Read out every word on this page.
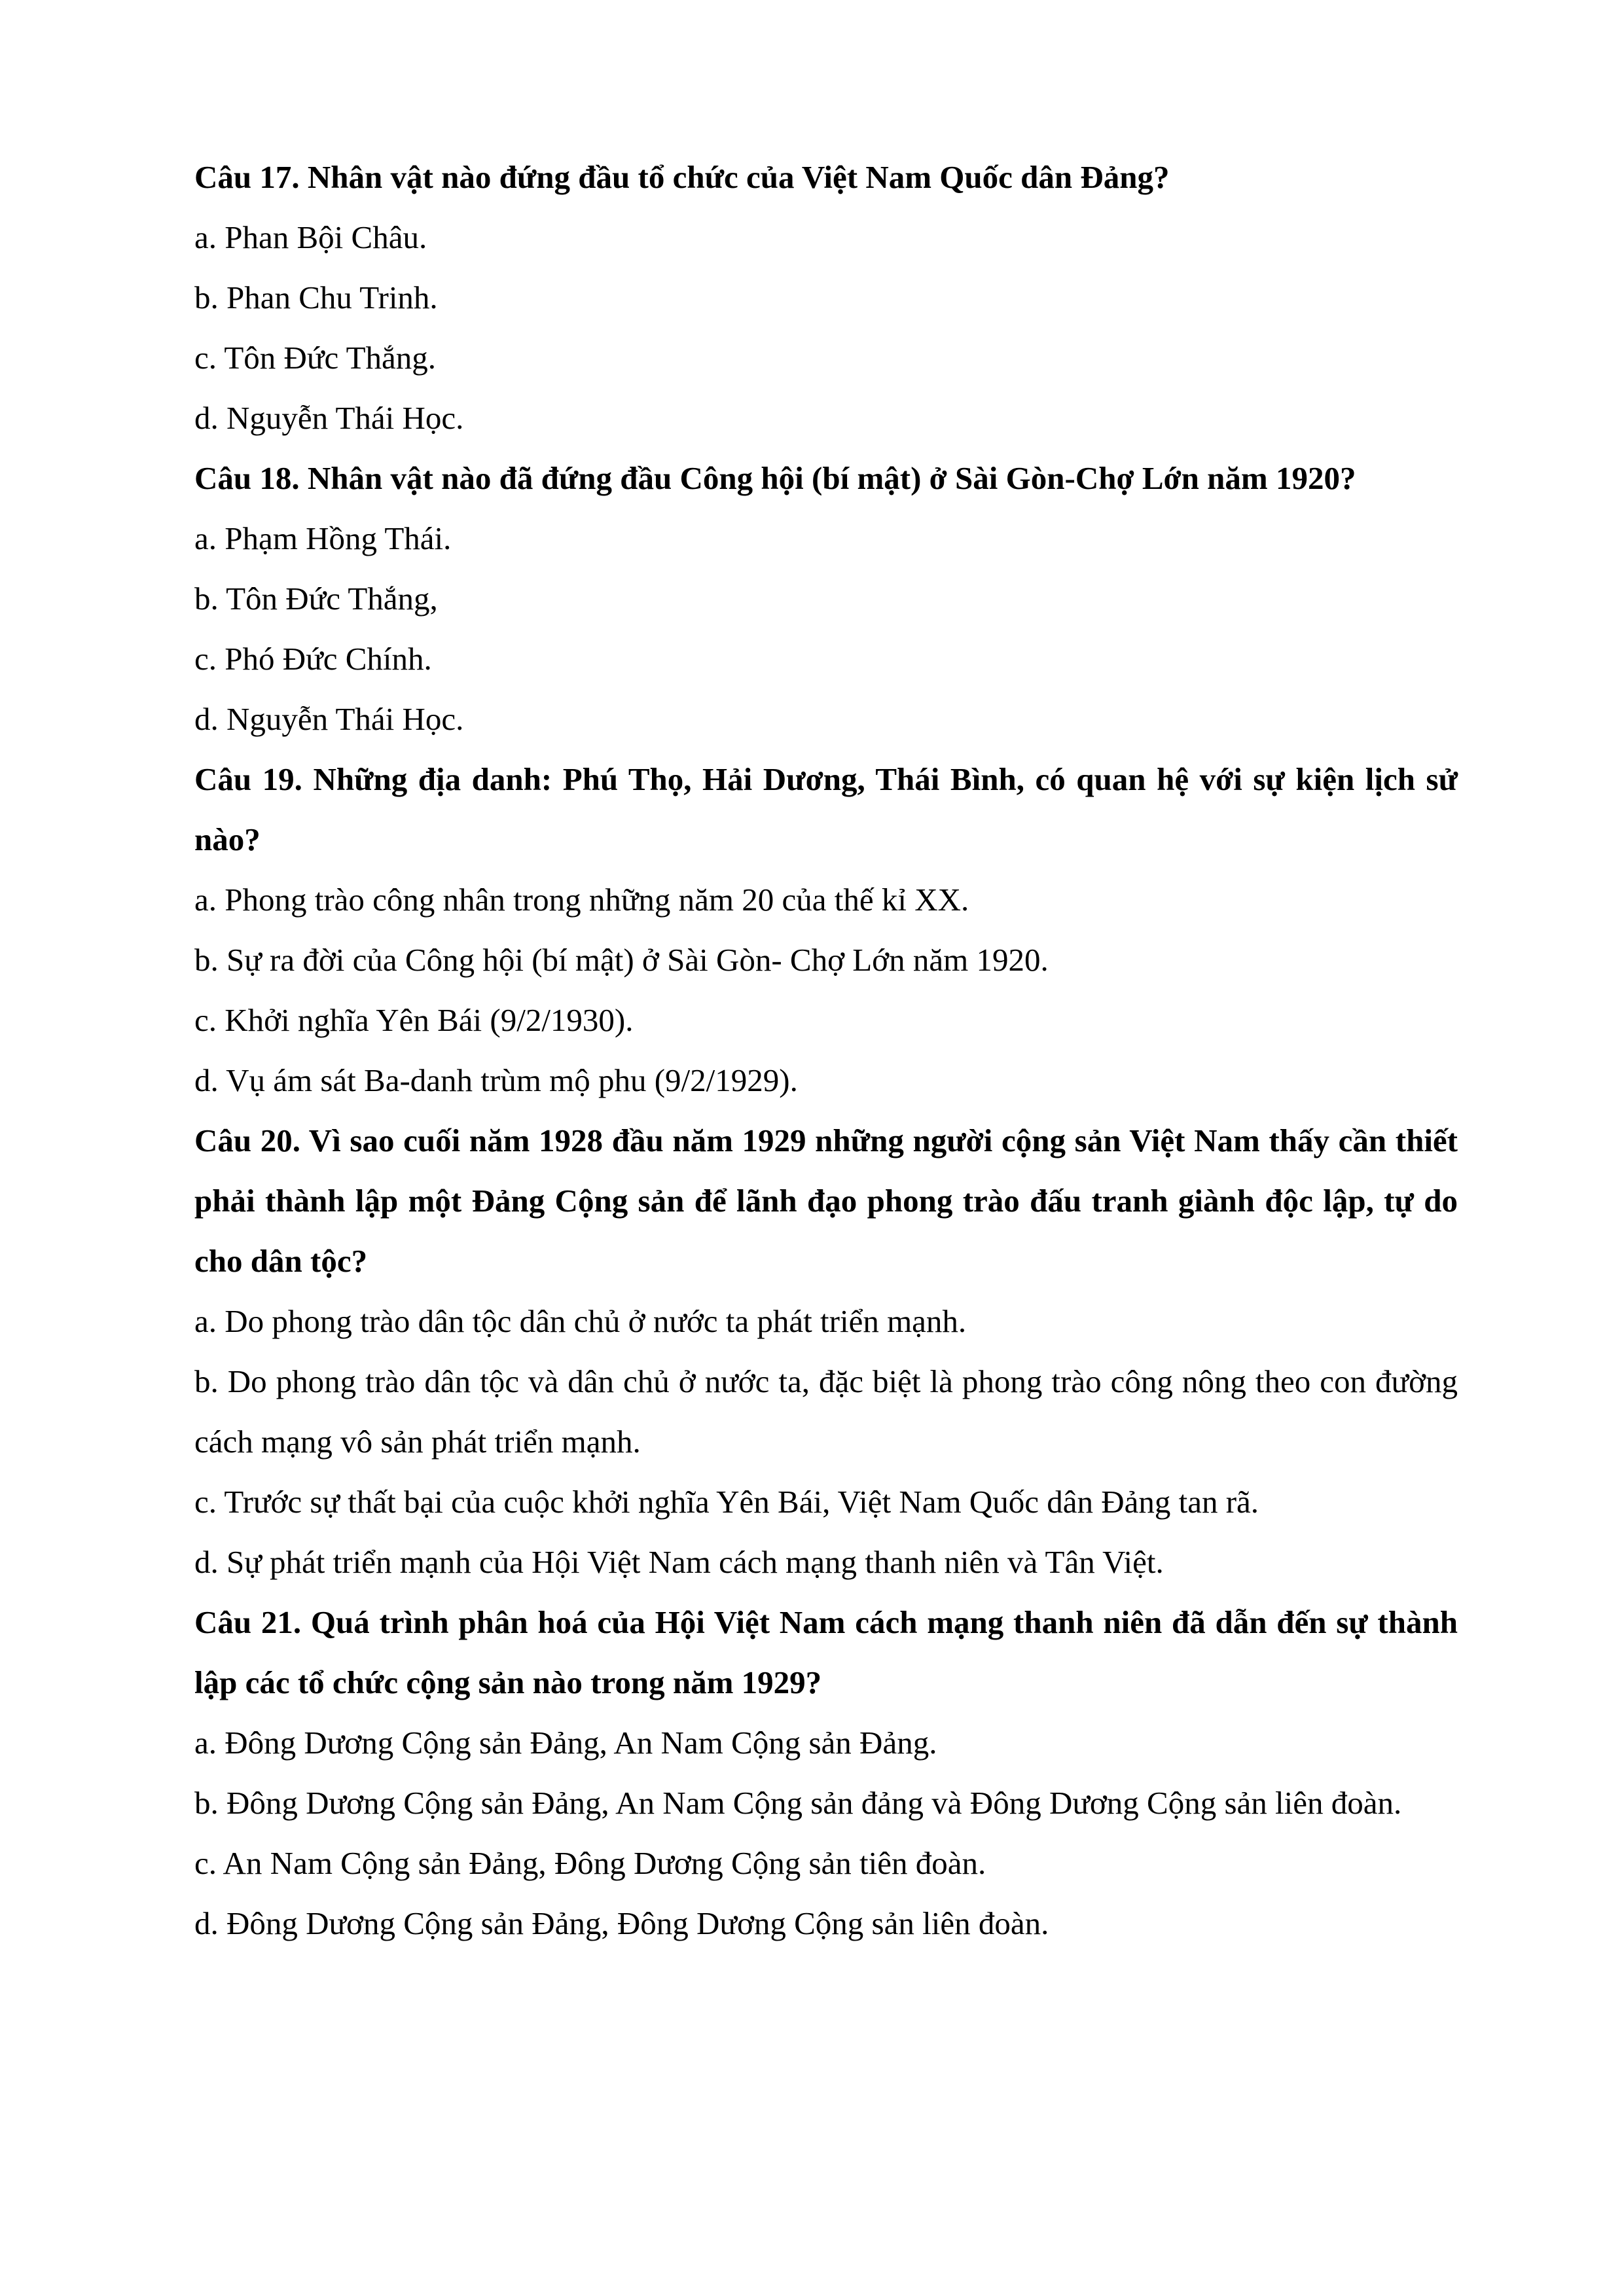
Câu 17. Nhân vật nào đứng đầu tổ chức của Việt Nam Quốc dân Đảng?

a. Phan Bội Châu.

b. Phan Chu Trinh.

c. Tôn Đức Thắng.

d. Nguyễn Thái Học.

Câu 18. Nhân vật nào đã đứng đầu Công hội (bí mật) ở Sài Gòn-Chợ Lớn năm 1920?

a. Phạm Hồng Thái.

b. Tôn Đức Thắng,

c. Phó Đức Chính.

d. Nguyễn Thái Học.

Câu 19. Những địa danh: Phú Thọ, Hải Dương, Thái Bình, có quan hệ với sự kiện lịch sử nào?

a. Phong trào công nhân trong những năm 20 của thế kỉ XX.

b. Sự ra đời của Công hội (bí mật) ở Sài Gòn- Chợ Lớn năm 1920.

c. Khởi nghĩa Yên Bái (9/2/1930).

d. Vụ ám sát Ba-danh trùm mộ phu (9/2/1929).

Câu 20. Vì sao cuối năm 1928 đầu năm 1929 những người cộng sản Việt Nam thấy cần thiết phải thành lập một Đảng Cộng sản để lãnh đạo phong trào đấu tranh giành độc lập, tự do cho dân tộc?

a. Do phong trào dân tộc dân chủ ở nước ta phát triển mạnh.

b. Do phong trào dân tộc và dân chủ ở nước ta, đặc biệt là phong trào công nông theo con đường cách mạng vô sản phát triển mạnh.

c. Trước sự thất bại của cuộc khởi nghĩa Yên Bái, Việt Nam Quốc dân Đảng tan rã.

d. Sự phát triển mạnh của Hội Việt Nam cách mạng thanh niên và Tân Việt.

Câu 21. Quá trình phân hoá của Hội Việt Nam cách mạng thanh niên đã dẫn đến sự thành lập các tổ chức cộng sản nào trong năm 1929?

a. Đông Dương Cộng sản Đảng, An Nam Cộng sản Đảng.

b. Đông Dương Cộng sản Đảng, An Nam Cộng sản đảng và Đông Dương Cộng sản liên đoàn.

c. An Nam Cộng sản Đảng, Đông Dương Cộng sản tiên đoàn.

d. Đông Dương Cộng sản Đảng, Đông Dương Cộng sản liên đoàn.
